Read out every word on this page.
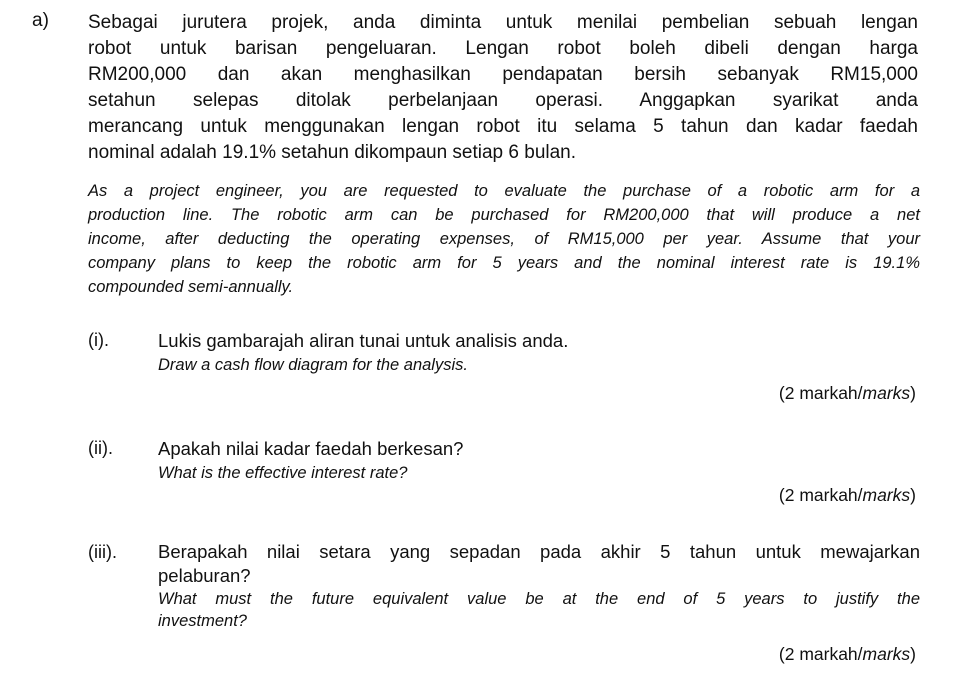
a) Sebagai jurutera projek, anda diminta untuk menilai pembelian sebuah lengan
robot untuk barisan pengeluaran. Lengan robot boleh dibeli dengan harga
RM200,000 dan akan menghasilkan pendapatan bersih sebanyak RM15,000
setahun selepas ditolak perbelanjaan operasi. Anggapkan syarikat anda
merancang untuk menggunakan lengan robot itu selama 5 tahun dan kadar faedah
nominal adalah 19.1% setahun dikompaun setiap 6 bulan.
As a project engineer, you are requested to evaluate the purchase of a robotic arm for a
production line. The robotic arm can be purchased for RM200,000 that will produce a net
income, after deducting the operating expenses, of RM15,000 per year. Assume that your
company plans to keep the robotic arm for 5 years and the nominal interest rate is 19.1%
compounded semi-annually.
(i).	Lukis gambarajah aliran tunai untuk analisis anda.
Draw a cash flow diagram for the analysis.
(2 markah/marks)
(ii). Apakah nilai kadar faedah berkesan?
What is the effective interest rate?
(2 markah/marks)
(iii). Berapakah nilai setara yang sepadan pada akhir 5 tahun untuk mewajarkan
pelaburan?
What must the future equivalent value be at the end of 5 years to justify the
investment?
(2 markah/marks)
